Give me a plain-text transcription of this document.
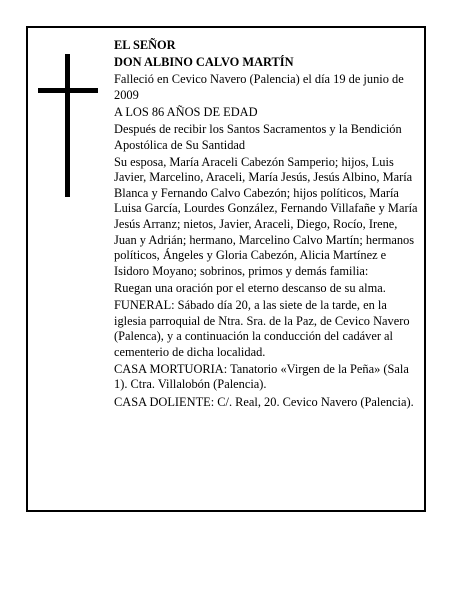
EL SEÑOR

DON ALBINO CALVO MARTÍN

Falleció en Cevico Navero (Palencia) el día 19 de junio de 2009

A LOS 86 AÑOS DE EDAD

Después de recibir los Santos Sacramentos y la Bendición Apostólica de Su Santidad

Su esposa, María Araceli Cabezón Samperio; hijos, Luis Javier, Marcelino, Araceli, María Jesús, Jesús Albino, María Blanca y Fernando Calvo Cabezón; hijos políticos, María Luisa García, Lourdes González, Fernando Villafañe y María Jesús Arranz; nietos, Javier, Araceli, Diego, Rocío, Irene, Juan y Adrián; hermano, Marcelino Calvo Martín; hermanos políticos, Ángeles y Gloria Cabezón, Alicia Martínez e Isidoro Moyano; sobrinos, primos y demás familia:

Ruegan una oración por el eterno descanso de su alma.

FUNERAL: Sábado día 20, a las siete de la tarde, en la iglesia parroquial de Ntra. Sra. de la Paz, de Cevico Navero (Palenca), y a continuación la conducción del cadáver al cementerio de dicha localidad.

CASA MORTUORIA: Tanatorio «Virgen de la Peña» (Sala 1). Ctra. Villalobón (Palencia).

CASA DOLIENTE: C/. Real, 20. Cevico Navero (Palencia).
